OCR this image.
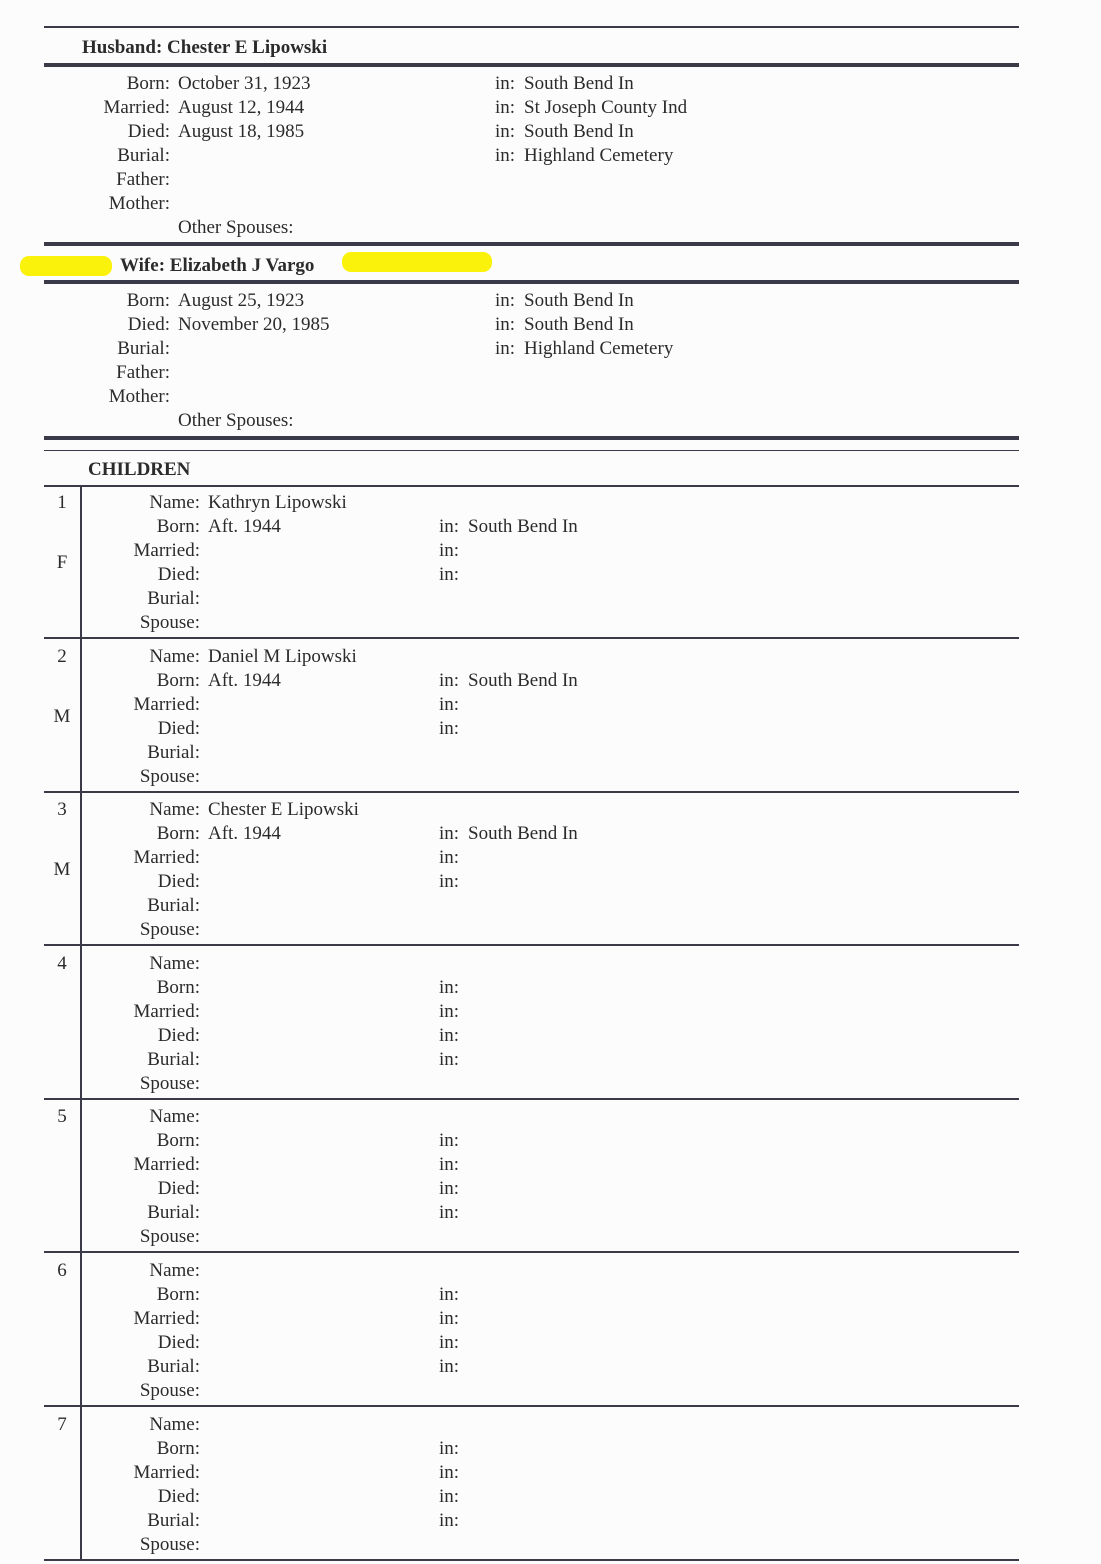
Husband: Chester E Lipowski
Born: October 31, 1923	in: South Bend In
Married: August 12, 1944	in: St Joseph County Ind
Died: August 18, 1985	in: South Bend In
Burial:	in: Highland Cemetery
Father:
Mother:
Other Spouses:
Wife: Elizabeth J Vargo
Born: August 25, 1923	in: South Bend In
Died: November 20, 1985	in: South Bend In
Burial:	in: Highland Cemetery
Father:
Mother:
Other Spouses:
CHILDREN
1
F
Name: Kathryn Lipowski
Born: Aft. 1944	in: South Bend In
Married:	in:
Died:	in:
Burial:
Spouse:
2
M
Name: Daniel M Lipowski
Born: Aft. 1944	in: South Bend In
Married:	in:
Died:	in:
Burial:
Spouse:
3
M
Name: Chester E Lipowski
Born: Aft. 1944	in: South Bend In
Married:	in:
Died:	in:
Burial:
Spouse:
4	Name:
Born:	in:
Married:	in:
Died:	in:
Burial:	in:
Spouse:
5	Name:
Born:	in:
Married:	in:
Died:	in:
Burial:	in:
Spouse:
6	Name:
Born:	in:
Married:	in:
Died:	in:
Burial:	in:
Spouse:
7	Name:
Born:	in:
Married:	in:
Died:	in:
Burial:	in:
Spouse:
